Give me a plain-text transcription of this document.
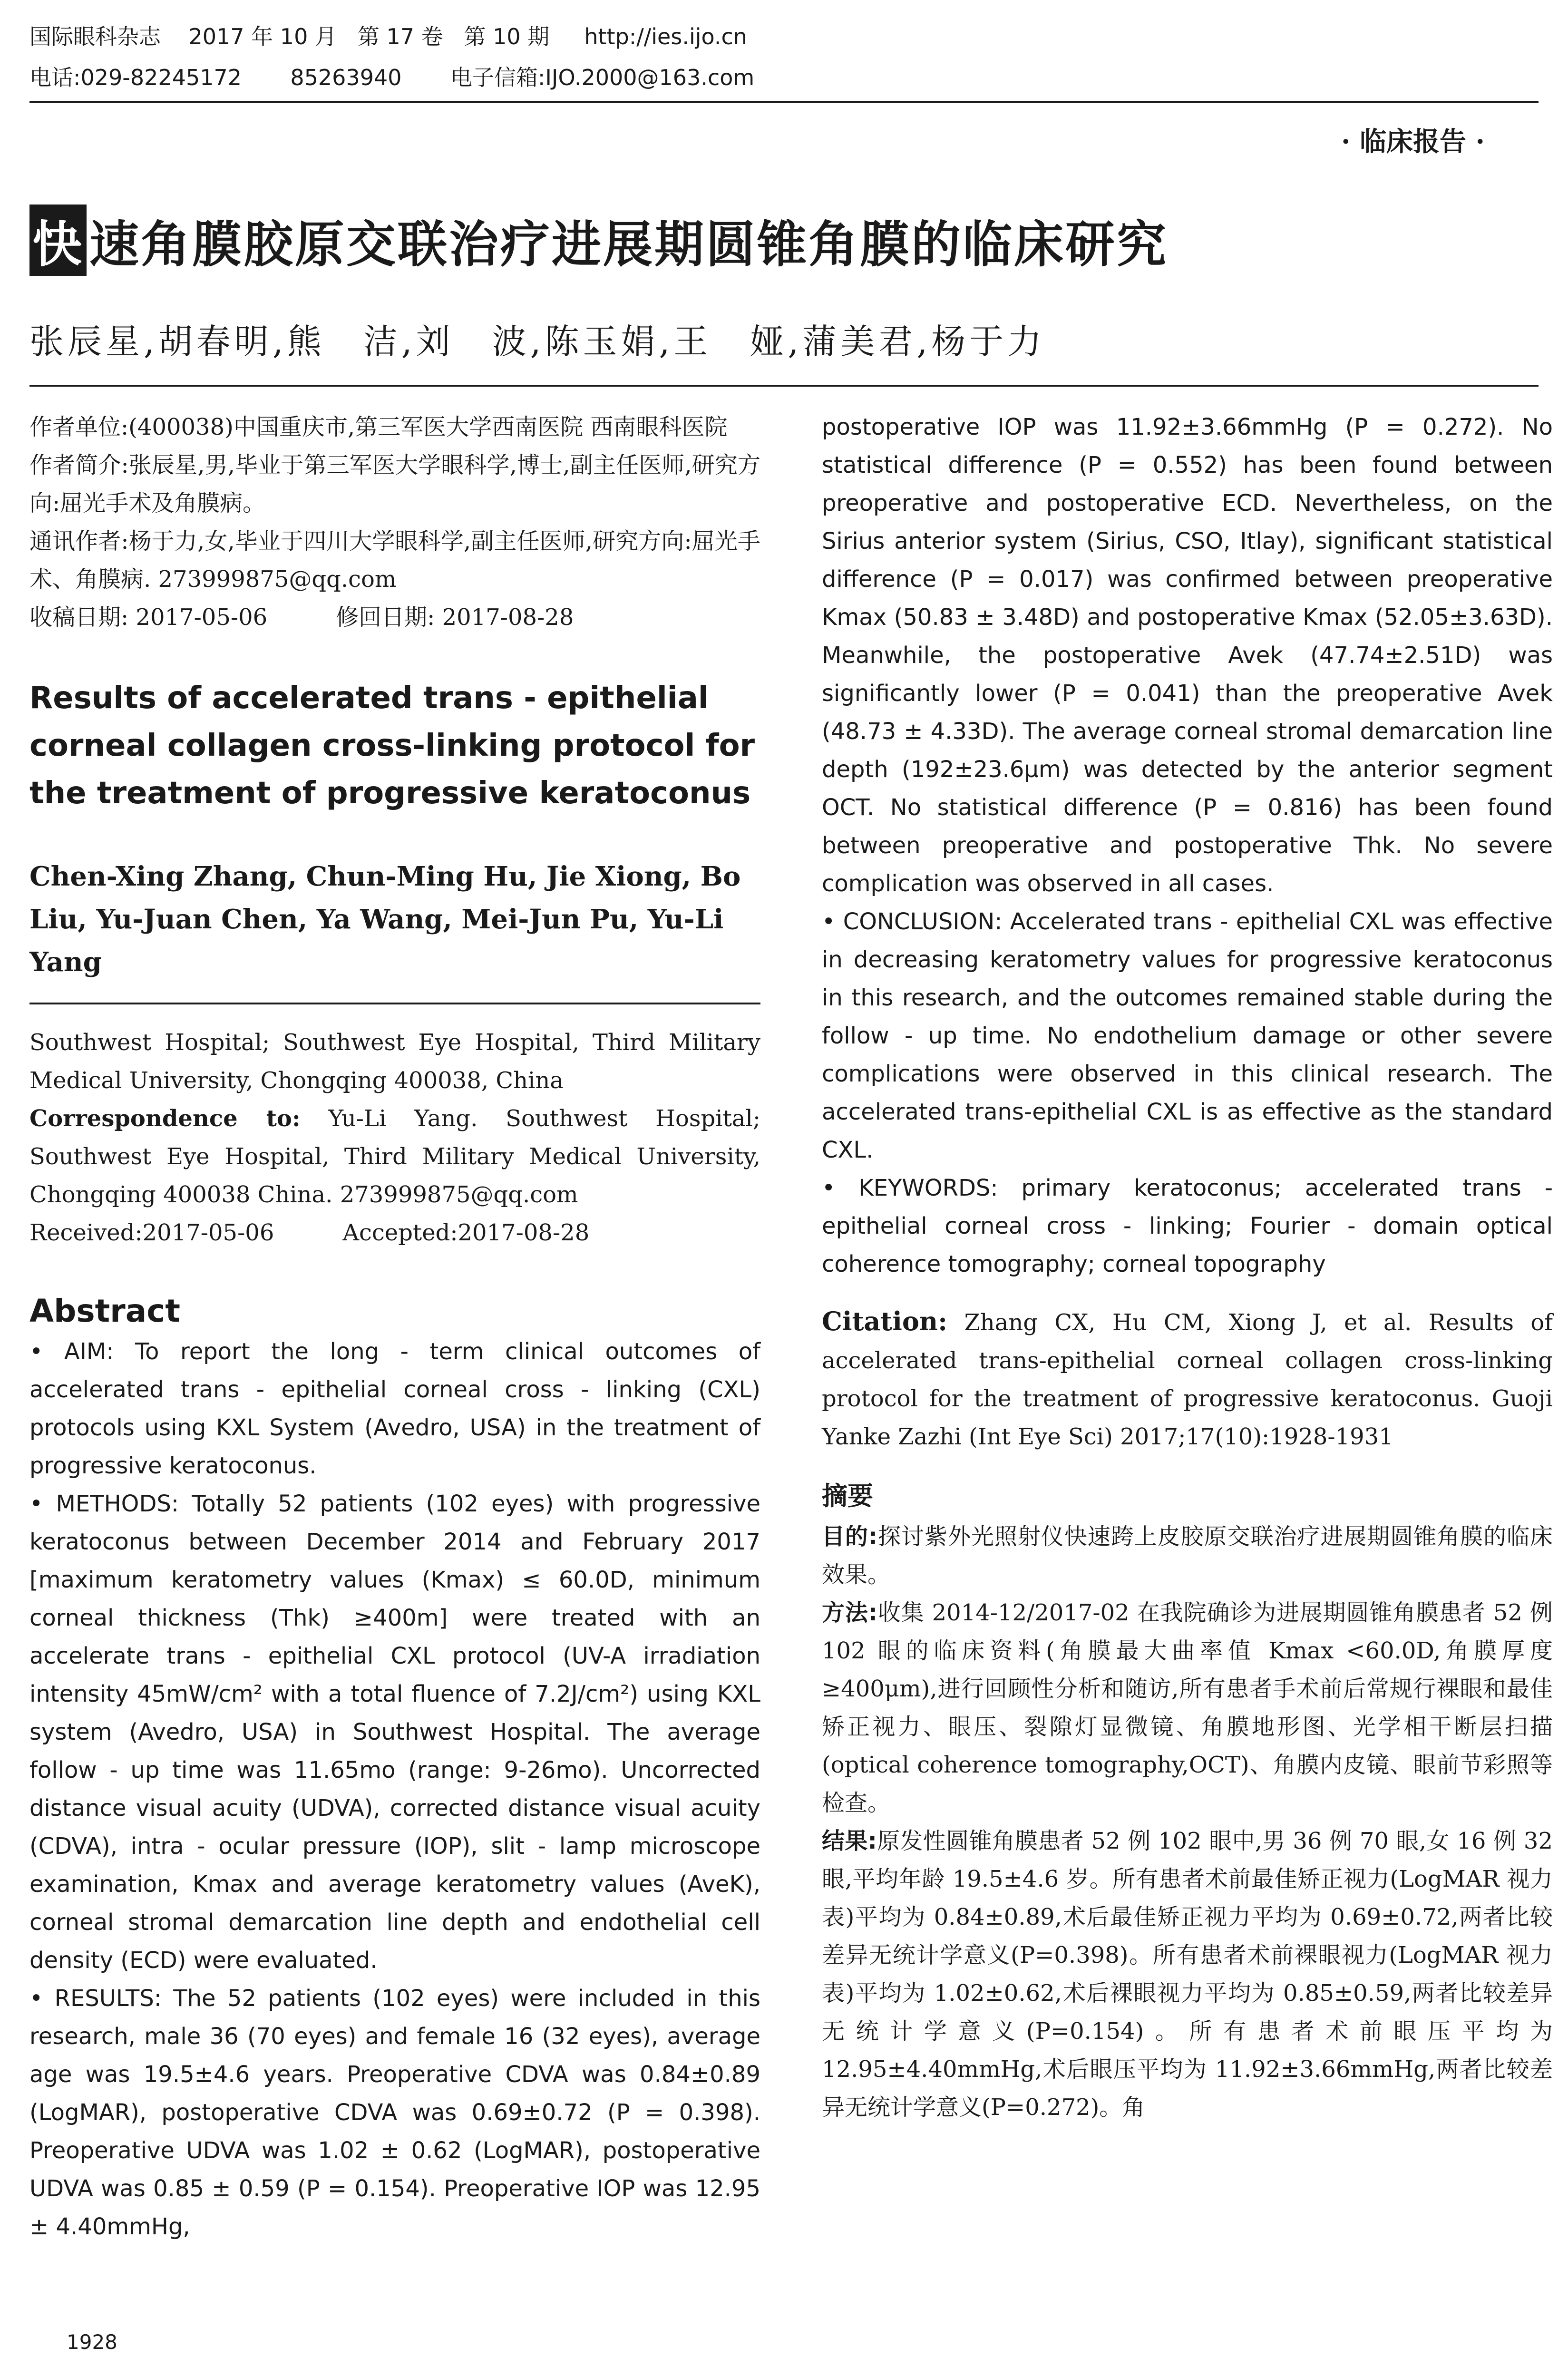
国际眼科杂志    2017 年 10 月   第 17 卷   第 10 期     http://ies.ijo.cn
电话:029-82245172       85263940       电子信箱:IJO.2000@163.com
· 临床报告 ·
快 速角膜胶原交联治疗进展期圆锥角膜的临床研究
张辰星,胡春明,熊　洁,刘　波,陈玉娟,王　娅,蒲美君,杨于力

作者单位:(400038)中国重庆市,第三军医大学西南医院 西南眼科医院

作者简介:张辰星,男,毕业于第三军医大学眼科学,博士,副主任医师,研究方向:屈光手术及角膜病。

通讯作者:杨于力,女,毕业于四川大学眼科学,副主任医师,研究方向:屈光手术、角膜病. 273999875@qq.com

收稿日期: 2017-05-06　　　修回日期: 2017-08-28

Results of accelerated trans - epithelial corneal collagen cross-linking protocol for the treatment of progressive keratoconus

Chen-Xing Zhang, Chun-Ming Hu, Jie Xiong, Bo Liu, Yu-Juan Chen, Ya Wang, Mei-Jun Pu, Yu-Li Yang

Southwest Hospital; Southwest Eye Hospital, Third Military Medical University, Chongqing 400038, China

Correspondence to: Yu-Li Yang. Southwest Hospital; Southwest Eye Hospital, Third Military Medical University, Chongqing 400038 China. 273999875@qq.com

Received:2017-05-06　　　Accepted:2017-08-28

Abstract

• AIM: To report the long - term clinical outcomes of accelerated trans - epithelial corneal cross - linking (CXL) protocols using KXL System (Avedro, USA) in the treatment of progressive keratoconus.

• METHODS: Totally 52 patients (102 eyes) with progressive keratoconus between December 2014 and February 2017 [maximum keratometry values (Kmax) ≤ 60.0D, minimum corneal thickness (Thk) ≥400m] were treated with an accelerate trans - epithelial CXL protocol (UV-A irradiation intensity 45mW/cm² with a total fluence of 7.2J/cm²) using KXL system (Avedro, USA) in Southwest Hospital. The average follow - up time was 11.65mo (range: 9-26mo). Uncorrected distance visual acuity (UDVA), corrected distance visual acuity (CDVA), intra - ocular pressure (IOP), slit - lamp microscope examination, Kmax and average keratometry values (AveK), corneal stromal demarcation line depth and endothelial cell density (ECD) were evaluated.

• RESULTS: The 52 patients (102 eyes) were included in this research, male 36 (70 eyes) and female 16 (32 eyes), average age was 19.5±4.6 years. Preoperative CDVA was 0.84±0.89 (LogMAR), postoperative CDVA was 0.69±0.72 (P = 0.398). Preoperative UDVA was 1.02 ± 0.62 (LogMAR), postoperative UDVA was 0.85 ± 0.59 (P = 0.154). Preoperative IOP was 12.95 ± 4.40mmHg,

postoperative IOP was 11.92±3.66mmHg (P = 0.272). No statistical difference (P = 0.552) has been found between preoperative and postoperative ECD. Nevertheless, on the Sirius anterior system (Sirius, CSO, Itlay), significant statistical difference (P = 0.017) was confirmed between preoperative Kmax (50.83 ± 3.48D) and postoperative Kmax (52.05±3.63D). Meanwhile, the postoperative Avek (47.74±2.51D) was significantly lower (P = 0.041) than the preoperative Avek (48.73 ± 4.33D). The average corneal stromal demarcation line depth (192±23.6μm) was detected by the anterior segment OCT. No statistical difference (P = 0.816) has been found between preoperative and postoperative Thk. No severe complication was observed in all cases.

• CONCLUSION: Accelerated trans - epithelial CXL was effective in decreasing keratometry values for progressive keratoconus in this research, and the outcomes remained stable during the follow - up time. No endothelium damage or other severe complications were observed in this clinical research. The accelerated trans-epithelial CXL is as effective as the standard CXL.

• KEYWORDS: primary keratoconus; accelerated trans - epithelial corneal cross - linking; Fourier - domain optical coherence tomography; corneal topography

Citation: Zhang CX, Hu CM, Xiong J, et al. Results of accelerated trans-epithelial corneal collagen cross-linking protocol for the treatment of progressive keratoconus. Guoji Yanke Zazhi (Int Eye Sci) 2017;17(10):1928-1931

摘要

目的:探讨紫外光照射仪快速跨上皮胶原交联治疗进展期圆锥角膜的临床效果。

方法:收集 2014-12/2017-02 在我院确诊为进展期圆锥角膜患者 52 例 102 眼的临床资料(角膜最大曲率值 Kmax <60.0D,角膜厚度≥400μm),进行回顾性分析和随访,所有患者手术前后常规行裸眼和最佳矫正视力、眼压、裂隙灯显微镜、角膜地形图、光学相干断层扫描(optical coherence tomography,OCT)、角膜内皮镜、眼前节彩照等检查。

结果:原发性圆锥角膜患者 52 例 102 眼中,男 36 例 70 眼,女 16 例 32 眼,平均年龄 19.5±4.6 岁。所有患者术前最佳矫正视力(LogMAR 视力表)平均为 0.84±0.89,术后最佳矫正视力平均为 0.69±0.72,两者比较差异无统计学意义(P=0.398)。所有患者术前裸眼视力(LogMAR 视力表)平均为 1.02±0.62,术后裸眼视力平均为 0.85±0.59,两者比较差异无统计学意义(P=0.154)。所有患者术前眼压平均为 12.95±4.40mmHg,术后眼压平均为 11.92±3.66mmHg,两者比较差异无统计学意义(P=0.272)。角

1928
